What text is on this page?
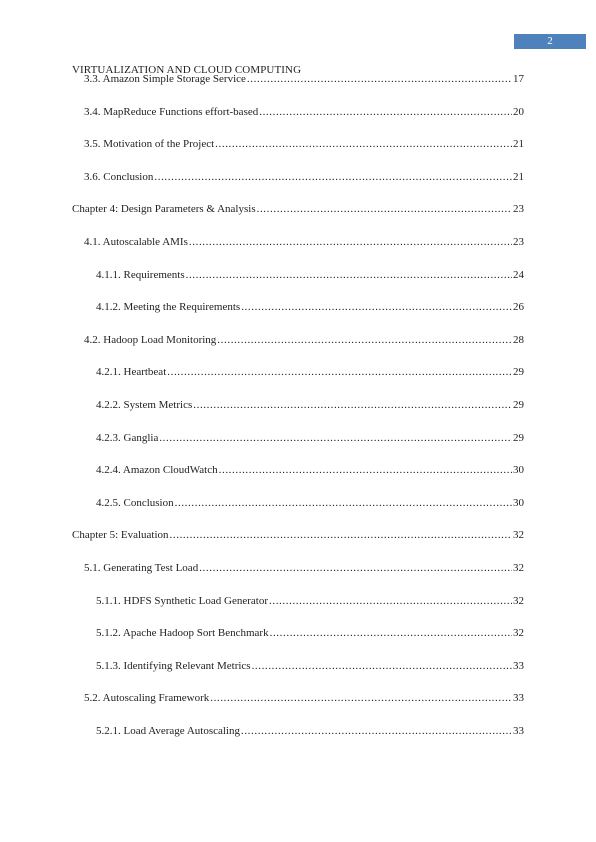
2
VIRTUALIZATION AND CLOUD COMPUTING
3.3. Amazon Simple Storage Service .....	17
3.4. MapReduce Functions effort-based .....	20
3.5. Motivation of the Project .....	21
3.6. Conclusion .....	21
Chapter 4: Design Parameters & Analysis .....	23
4.1. Autoscalable AMIs .....	23
4.1.1. Requirements .....	24
4.1.2. Meeting the Requirements .....	26
4.2. Hadoop Load Monitoring .....	28
4.2.1. Heartbeat .....	29
4.2.2. System Metrics .....	29
4.2.3. Ganglia .....	29
4.2.4. Amazon CloudWatch .....	30
4.2.5. Conclusion .....	30
Chapter 5: Evaluation .....	32
5.1. Generating Test Load .....	32
5.1.1. HDFS Synthetic Load Generator .....	32
5.1.2. Apache Hadoop Sort Benchmark .....	32
5.1.3. Identifying Relevant Metrics .....	33
5.2. Autoscaling Framework .....	33
5.2.1. Load Average Autoscaling .....	33
